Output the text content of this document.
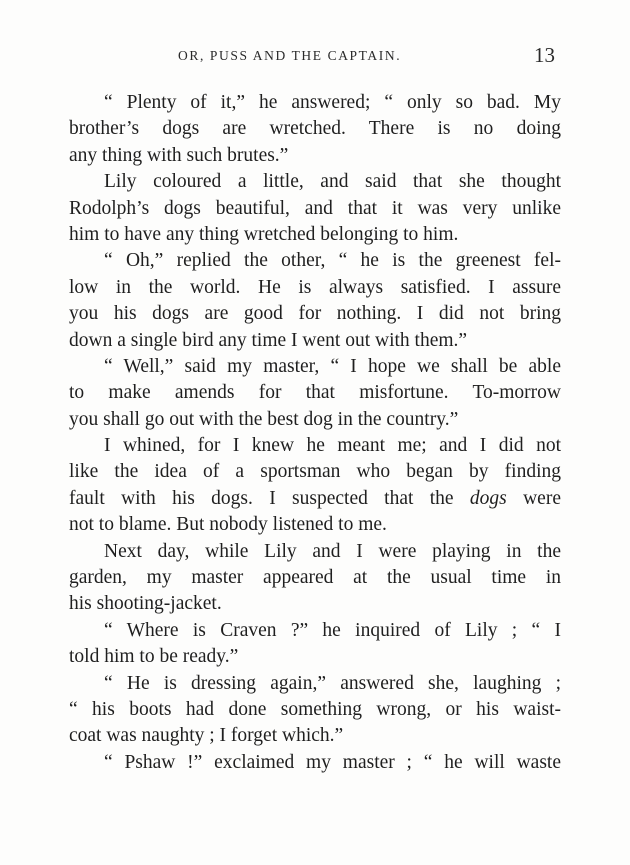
OR, PUSS AND THE CAPTAIN.	13
“ Plenty of it,” he answered; “ only so bad. My
brother’s dogs are wretched. There is no doing
any thing with such brutes.”
Lily coloured a little, and said that she thought
Rodolph’s dogs beautiful, and that it was very unlike
him to have any thing wretched belonging to him.
“ Oh,” replied the other, “ he is the greenest fel-
low in the world. He is always satisfied. I assure
you his dogs are good for nothing. I did not bring
down a single bird any time I went out with them.”
“ Well,” said my master, “ I hope we shall be able
to make amends for that misfortune. To-morrow
you shall go out with the best dog in the country.”
I whined, for I knew he meant me; and I did not
like the idea of a sportsman who began by finding
fault with his dogs. I suspected that the dogs were
not to blame. But nobody listened to me.
Next day, while Lily and I were playing in the
garden, my master appeared at the usual time in
his shooting-jacket.
“ Where is Craven ?” he inquired of Lily ; “ I
told him to be ready.”
“ He is dressing again,” answered she, laughing ;
“ his boots had done something wrong, or his waist-
coat was naughty ; I forget which.”
“ Pshaw !” exclaimed my master ; “ he will waste
